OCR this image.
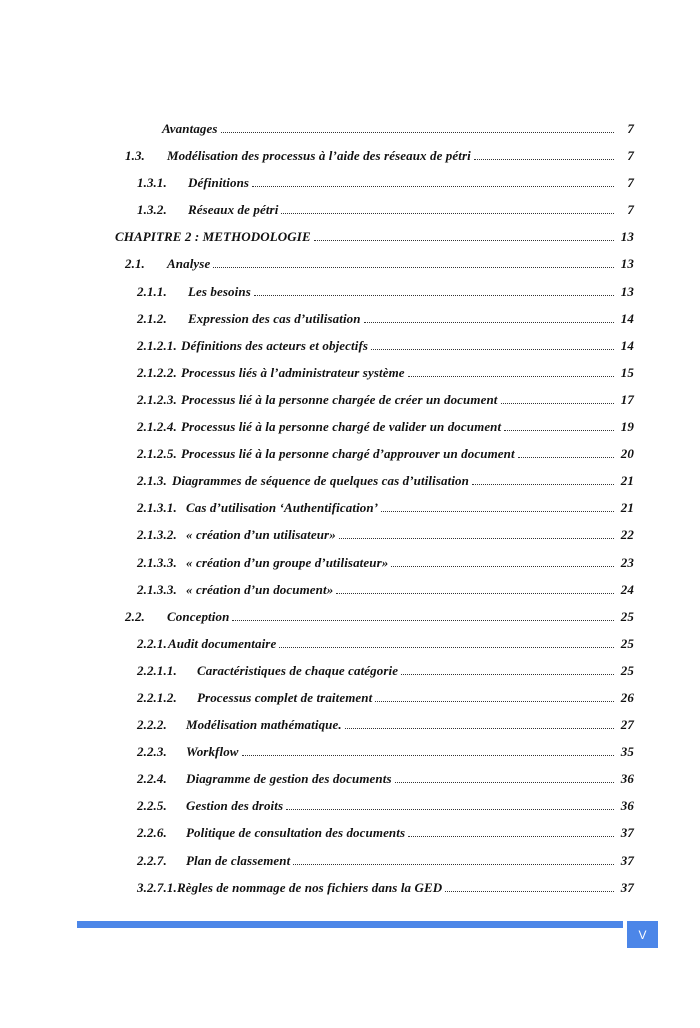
Avantages	7
1.3.	Modélisation des processus à l’aide des réseaux de pétri	7
1.3.1.	Définitions	7
1.3.2.	Réseaux de pétri	7
CHAPITRE 2 : METHODOLOGIE	13
2.1.	Analyse	13
2.1.1.	Les besoins	13
2.1.2.	Expression des cas d’utilisation	14
2.1.2.1. Définitions des acteurs et objectifs	14
2.1.2.2. Processus liés à l’administrateur système	15
2.1.2.3. Processus lié à la personne chargée de créer un document	17
2.1.2.4. Processus lié à la personne chargé de valider un document	19
2.1.2.5. Processus lié à la personne chargé d’approuver un document	20
2.1.3. Diagrammes de séquence de quelques cas d’utilisation	21
2.1.3.1. Cas d’utilisation ‘Authentification’	21
2.1.3.2. « création d’un utilisateur»	22
2.1.3.3. « création d’un groupe d’utilisateur»	23
2.1.3.3. « création d’un document»	24
2.2.	Conception	25
2.2.1. Audit documentaire	25
2.2.1.1.	Caractéristiques de chaque catégorie	25
2.2.1.2.	Processus complet de traitement	26
2.2.2.	Modélisation mathématique.	27
2.2.3.	Workflow	35
2.2.4.	Diagramme de gestion des documents	36
2.2.5.	Gestion des droits	36
2.2.6.	Politique de consultation des documents	37
2.2.7.	Plan de classement	37
3.2.7.1. Règles de nommage de nos fichiers dans la GED	37
V
